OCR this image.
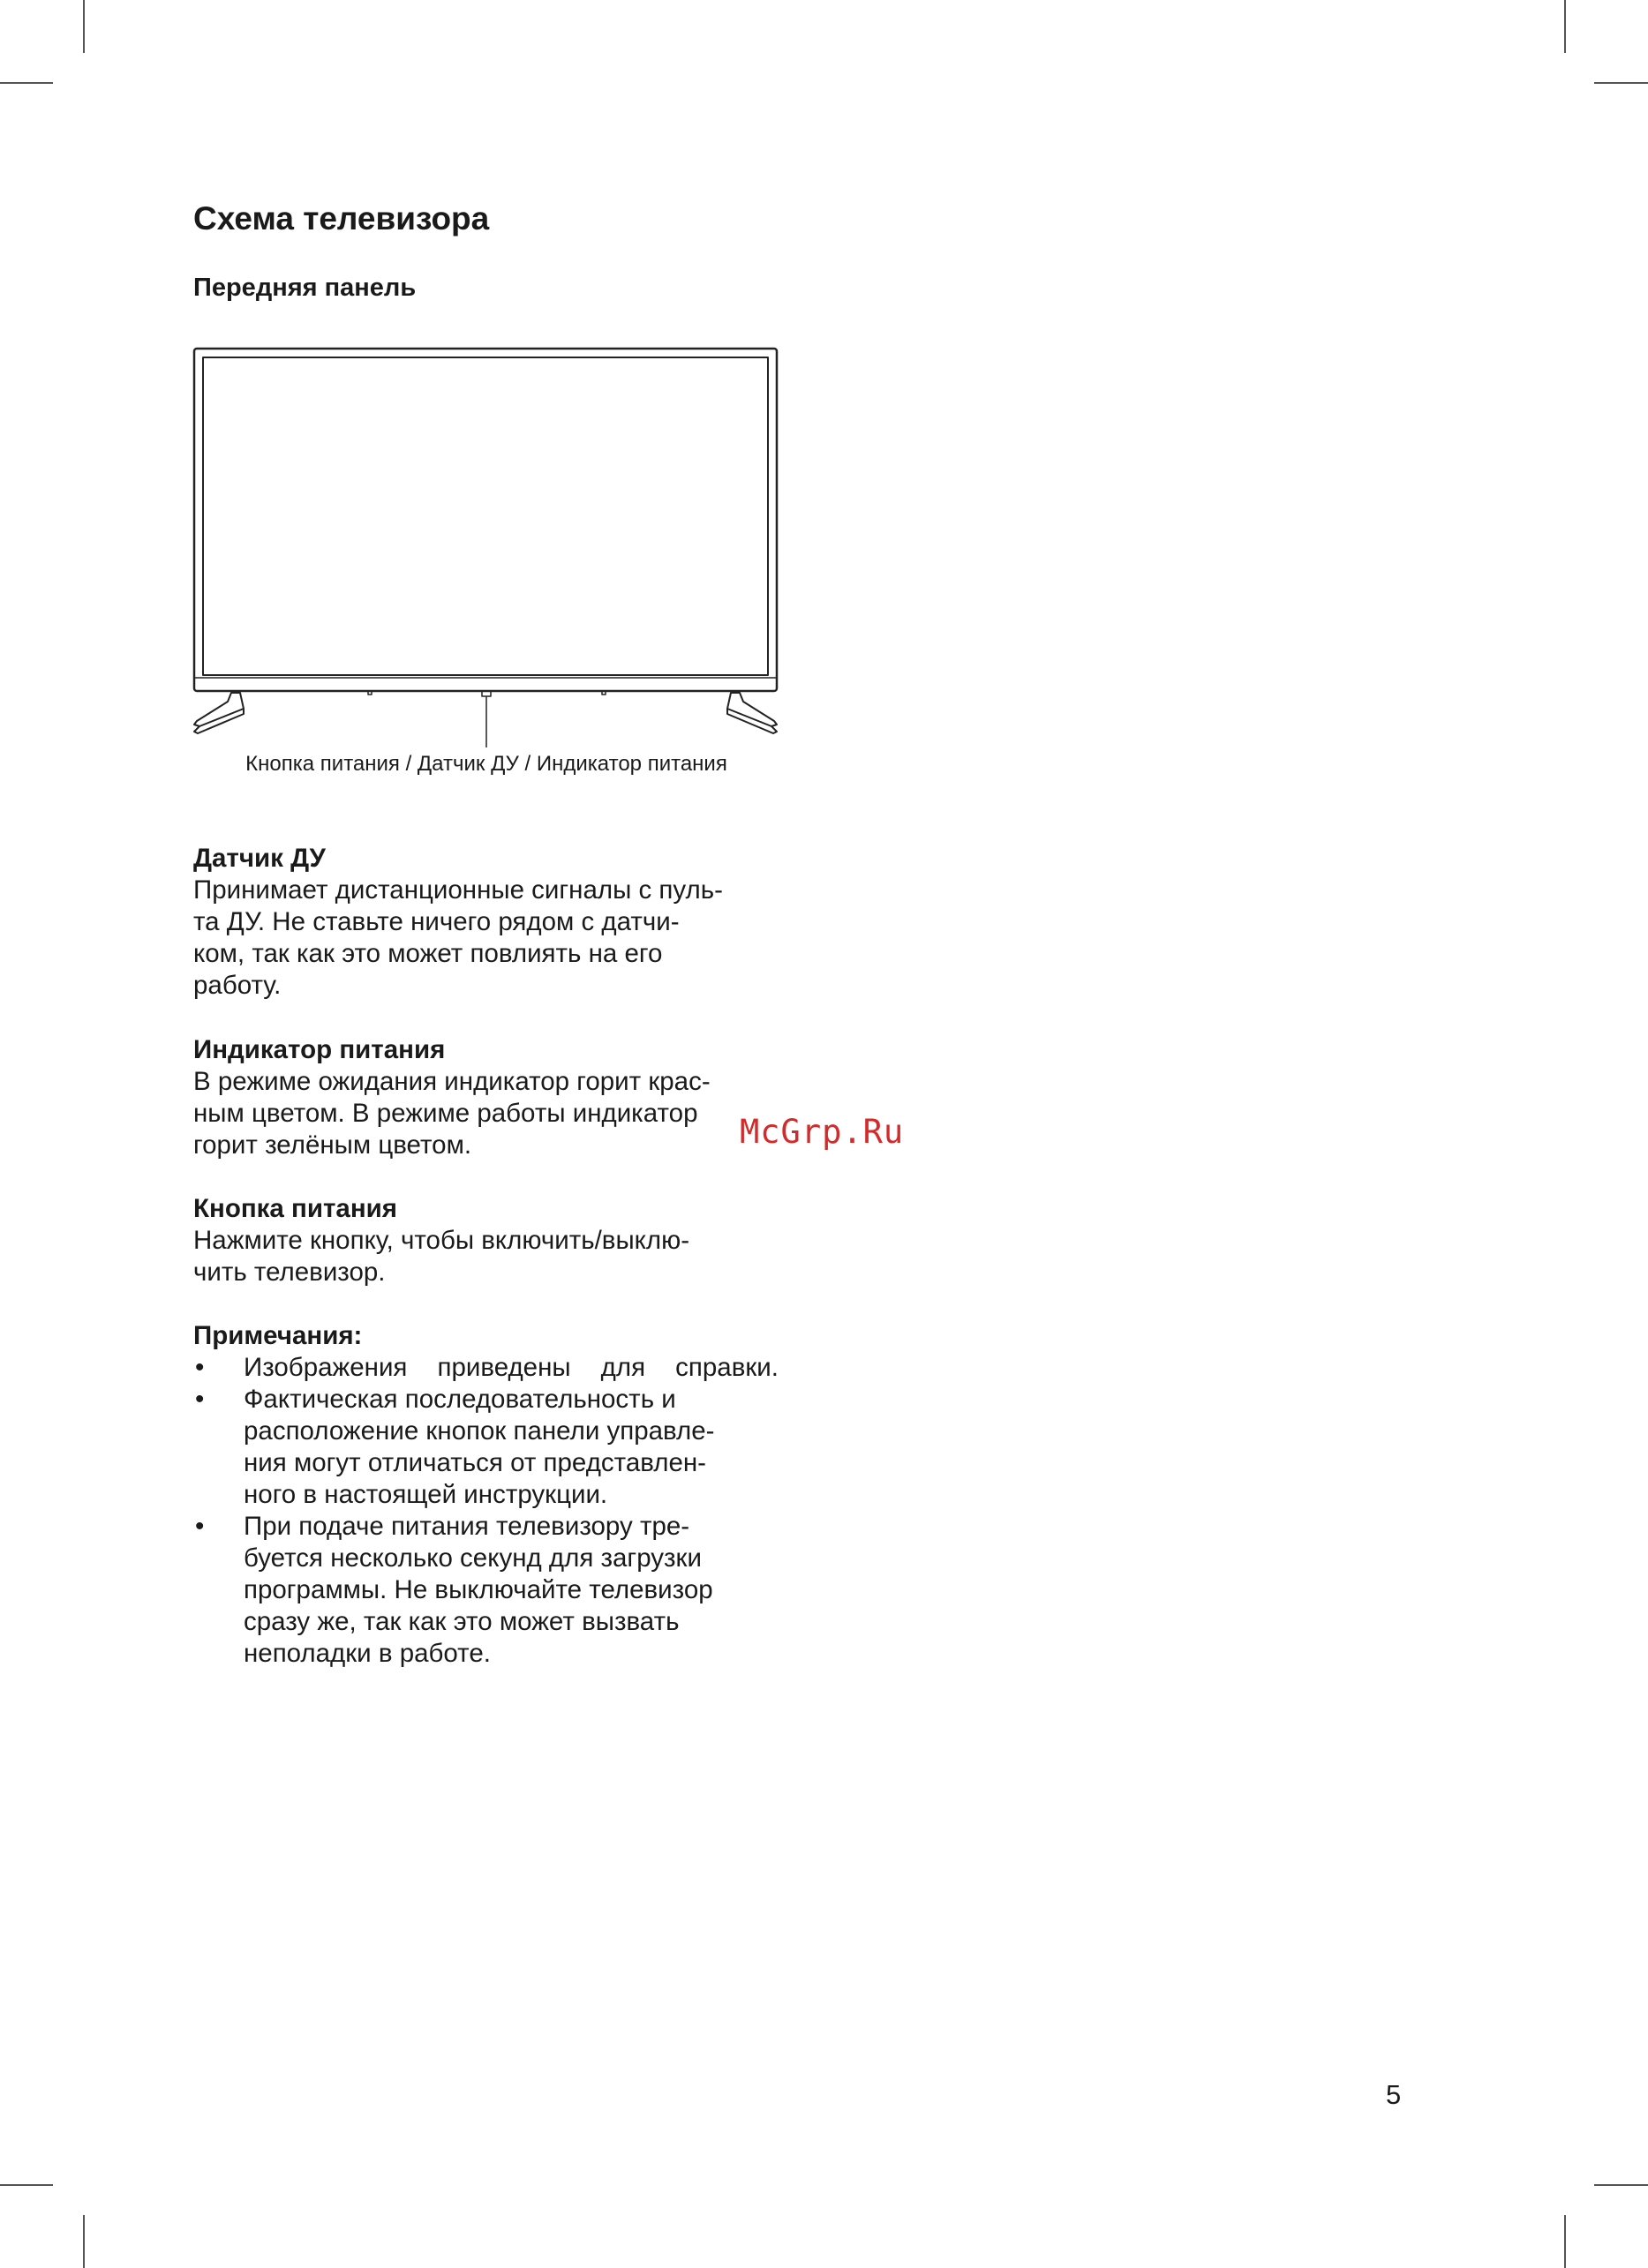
Схема телевизора
Передняя панель
Кнопка питания / Датчик ДУ / Индикатор питания
Датчик ДУ
Принимает дистанционные сигналы с пуль-
та ДУ. Не ставьте ничего рядом с датчи-
ком, так как это может повлиять на его
работу.
Индикатор питания
В режиме ожидания индикатор горит крас-
ным цветом. В режиме работы индикатор
горит зелёным цветом.
Кнопка питания
Нажмите кнопку, чтобы включить/выклю-
чить телевизор.
Примечания:
• Изображения приведены для справки.
• Фактическая последовательность и
расположение кнопок панели управле-
ния могут отличаться от представлен-
ного в настоящей инструкции.
• При подаче питания телевизору тре-
буется несколько секунд для загрузки
программы. Не выключайте телевизор
сразу же, так как это может вызвать
неполадки в работе.
McGrp.Ru
5
